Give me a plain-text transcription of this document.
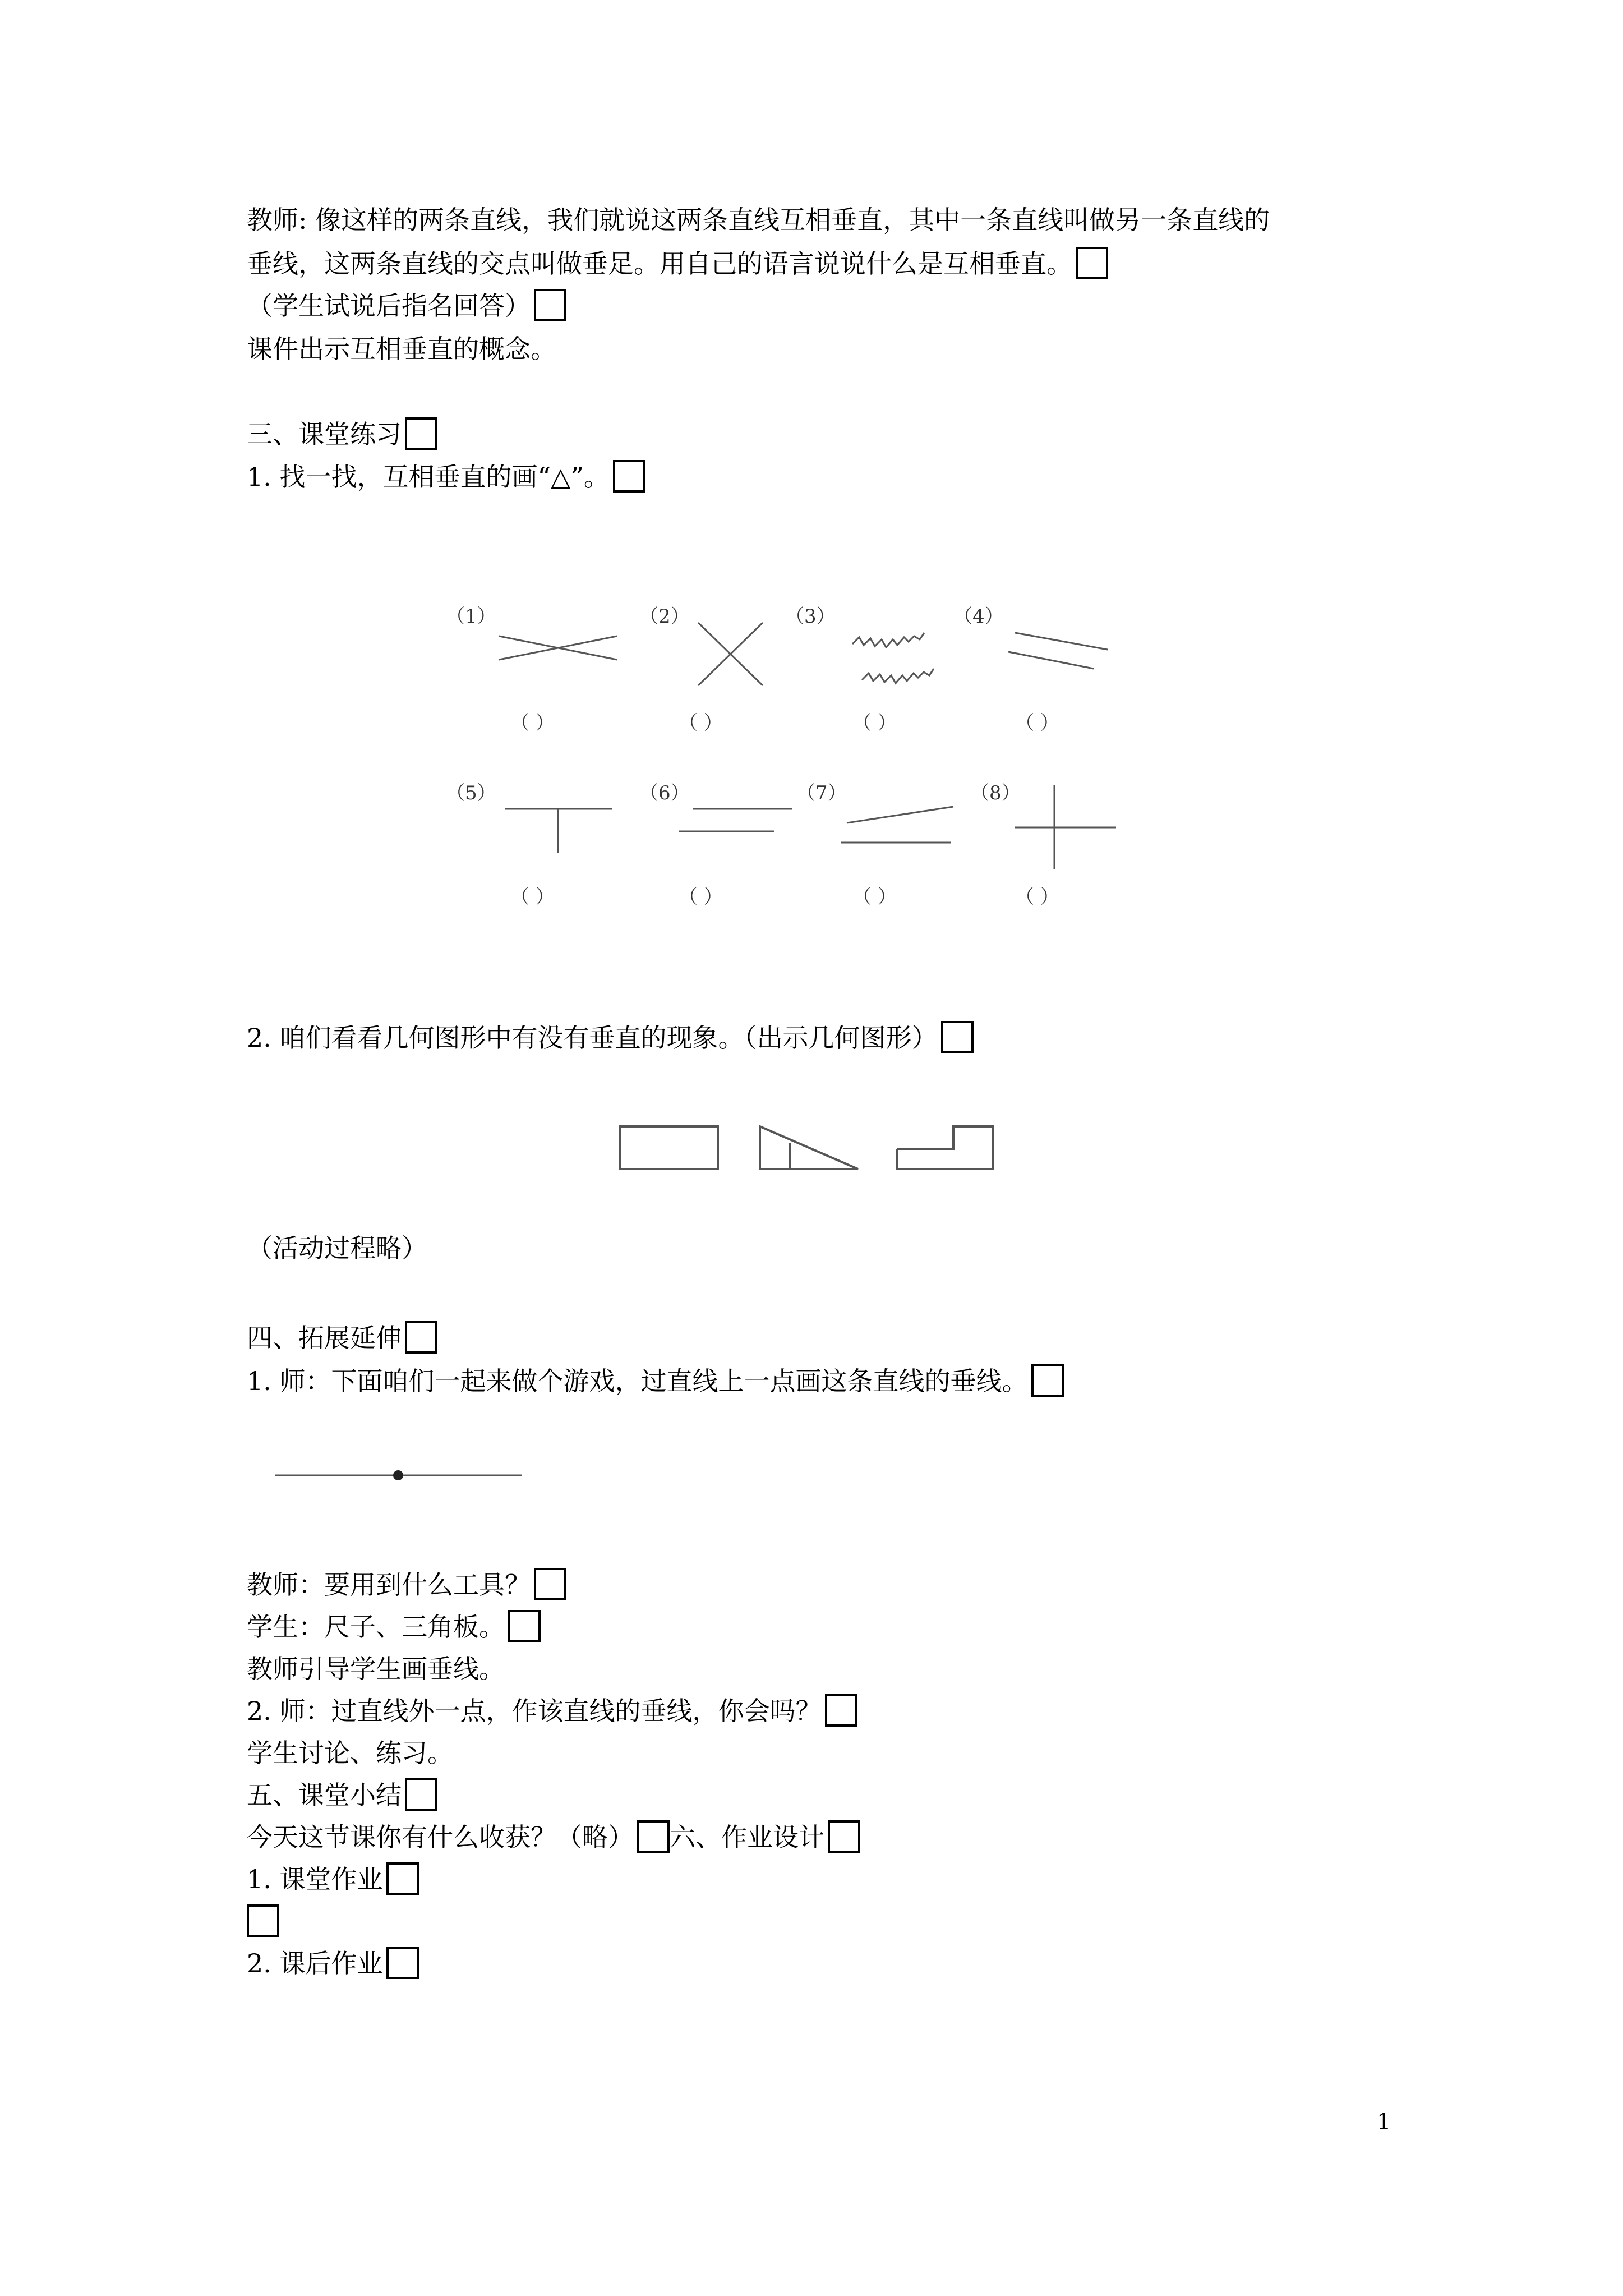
教师: 像这样的两条直线，我们就说这两条直线互相垂直，其中一条直线叫做另一条直线的
垂线，这两条直线的交点叫做垂足。用自己的语言说说什么是互相垂直。
（学生试说后指名回答）
课件出示互相垂直的概念。
三、课堂练习
1. 找一找，互相垂直的画“△”。
（1）	（2）	（3）	（4）
（5）	（6）	（7）	（8）
（ ）	（ ）	（ ）	（ ）
（ ）	（ ）	（ ）	（ ）
2. 咱们看看几何图形中有没有垂直的现象。（出示几何图形）
（活动过程略）
四、拓展延伸
1. 师：下面咱们一起来做个游戏，过直线上一点画这条直线的垂线。
教师：要用到什么工具？
学生：尺子、三角板。
教师引导学生画垂线。
2. 师：过直线外一点，作该直线的垂线，你会吗？
学生讨论、练习。
五、课堂小结
今天这节课你有什么收获？（略） 六、作业设计
1. 课堂作业
2. 课后作业
1
